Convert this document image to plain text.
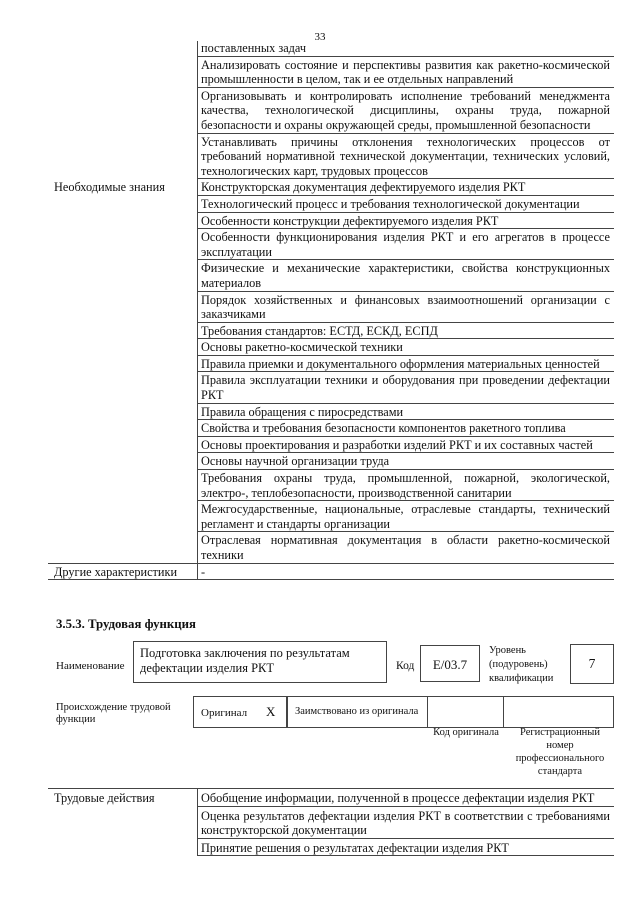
33
	поставленных задач
	Анализировать состояние и перспективы развития как ракетно-космической промышленности в целом, так и ее отдельных направлений
	Организовывать и контролировать исполнение требований менеджмента качества, технологической дисциплины, охраны труда, пожарной безопасности и охраны окружающей среды, промышленной безопасности
	Устанавливать причины отклонения технологических процессов от требований нормативной технической документации, технических условий, технологических карт, трудовых процессов
Необходимые знания	Конструкторская документация дефектируемого изделия РКТ
	Технологический процесс и требования технологической документации
	Особенности конструкции дефектируемого изделия РКТ
	Особенности функционирования изделия РКТ и его агрегатов в процессе эксплуатации
	Физические и механические характеристики, свойства конструкционных материалов
	Порядок хозяйственных и финансовых взаимоотношений организации с заказчиками
	Требования стандартов: ЕСТД, ЕСКД, ЕСПД
	Основы ракетно-космической техники
	Правила приемки и документального оформления материальных ценностей
	Правила эксплуатации техники и оборудования при проведении дефектации РКТ
	Правила обращения с пиросредствами
	Свойства и требования безопасности компонентов ракетного топлива
	Основы проектирования и разработки изделий РКТ и их составных частей
	Основы научной организации труда
	Требования охраны труда, промышленной, пожарной, экологической, электро-, теплобезопасности, производственной санитарии
	Межгосударственные, национальные, отраслевые стандарты, технический регламент и стандарты организации
	Отраслевая нормативная документация в области ракетно-космической техники
Другие характеристики	-
3.5.3. Трудовая функция
Наименование
Подготовка заключения по результатам дефектации изделия РКТ	Код	E/03.7
Уровень (подуровень) квалификации
7
Происхождение трудовой функции
Оригинал X Заимствовано из оригинала
Код оригинала	Регистрационный номер профессионального стандарта
Трудовые действия	Обобщение информации, полученной в процессе дефектации изделия РКТ
Оценка результатов дефектации изделия РКТ в соответствии с требованиями конструкторской документации
Принятие решения о результатах дефектации изделия РКТ
